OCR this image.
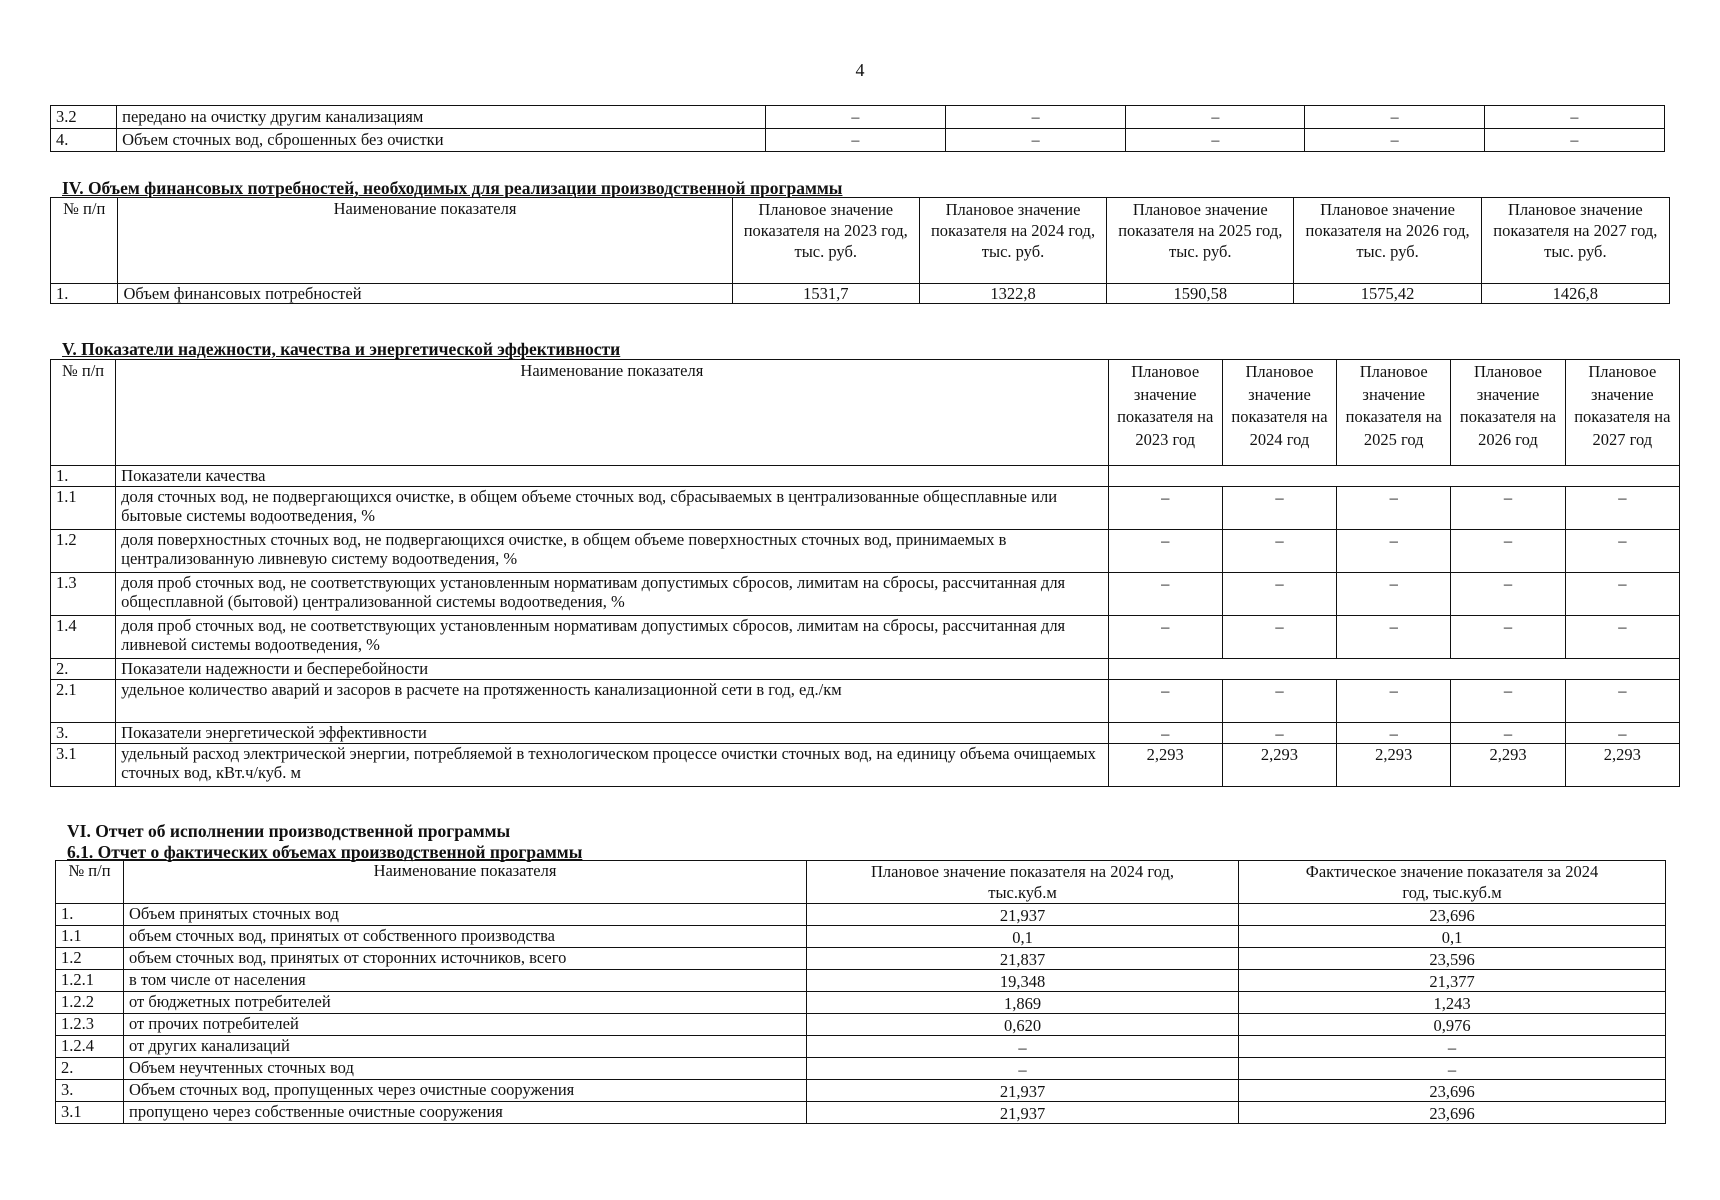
4
3.2	передано на очистку другим канализациям	–	–	–	–	–
4.	Объем сточных вод, сброшенных без очистки	–	–	–	–	–
IV. Объем финансовых потребностей, необходимых для реализации производственной программы
№ п/п	Наименование показателя	Плановое значение показателя на 2023 год, тыс. руб.	Плановое значение показателя на 2024 год, тыс. руб.	Плановое значение показателя на 2025 год, тыс. руб.	Плановое значение показателя на 2026 год, тыс. руб.	Плановое значение показателя на 2027 год, тыс. руб.
1.	Объем финансовых потребностей	1531,7	1322,8	1590,58	1575,42	1426,8
V. Показатели надежности, качества и энергетической эффективности
№ п/п	Наименование показателя	Плановое значение показателя на 2023 год	Плановое значение показателя на 2024 год	Плановое значение показателя на 2025 год	Плановое значение показателя на 2026 год	Плановое значение показателя на 2027 год
1.	Показатели качества					
1.1	доля сточных вод, не подвергающихся очистке, в общем объеме сточных вод, сбрасываемых в централизованные общесплавные или бытовые системы водоотведения, %	–	–	–	–	–
1.2	доля поверхностных сточных вод, не подвергающихся очистке, в общем объеме поверхностных сточных вод, принимаемых в централизованную ливневую систему водоотведения, %	–	–	–	–	–
1.3	доля проб сточных вод, не соответствующих установленным нормативам допустимых сбросов, лимитам на сбросы, рассчитанная для общесплавной (бытовой) централизованной системы водоотведения, %	–	–	–	–	–
1.4	доля проб сточных вод, не соответствующих установленным нормативам допустимых сбросов, лимитам на сбросы, рассчитанная для ливневой системы водоотведения, %	–	–	–	–	–
2.	Показатели надежности и бесперебойности					
2.1	удельное количество аварий и засоров в расчете на протяженность канализационной сети в год, ед./км	–	–	–	–	–
3.	Показатели энергетической эффективности	–	–	–	–	–
3.1	удельный расход электрической энергии, потребляемой в технологическом процессе очистки сточных вод, на единицу объема очищаемых сточных вод, кВт.ч/куб. м	2,293	2,293	2,293	2,293	2,293
VI. Отчет об исполнении производственной программы
6.1. Отчет о фактических объемах производственной программы
№ п/п	Наименование показателя	Плановое значение показателя на 2024 год, тыс.куб.м	Фактическое значение показателя за 2024 год, тыс.куб.м
1.	Объем принятых сточных вод	21,937	23,696
1.1	объем сточных вод, принятых от собственного производства	0,1	0,1
1.2	объем сточных вод, принятых от сторонних источников, всего	21,837	23,596
1.2.1	в том числе от населения	19,348	21,377
1.2.2	от бюджетных потребителей	1,869	1,243
1.2.3	от прочих потребителей	0,620	0,976
1.2.4	от других канализаций	–	–
2.	Объем неучтенных сточных вод	–	–
3.	Объем сточных вод, пропущенных через очистные сооружения	21,937	23,696
3.1	пропущено через собственные очистные сооружения	21,937	23,696
